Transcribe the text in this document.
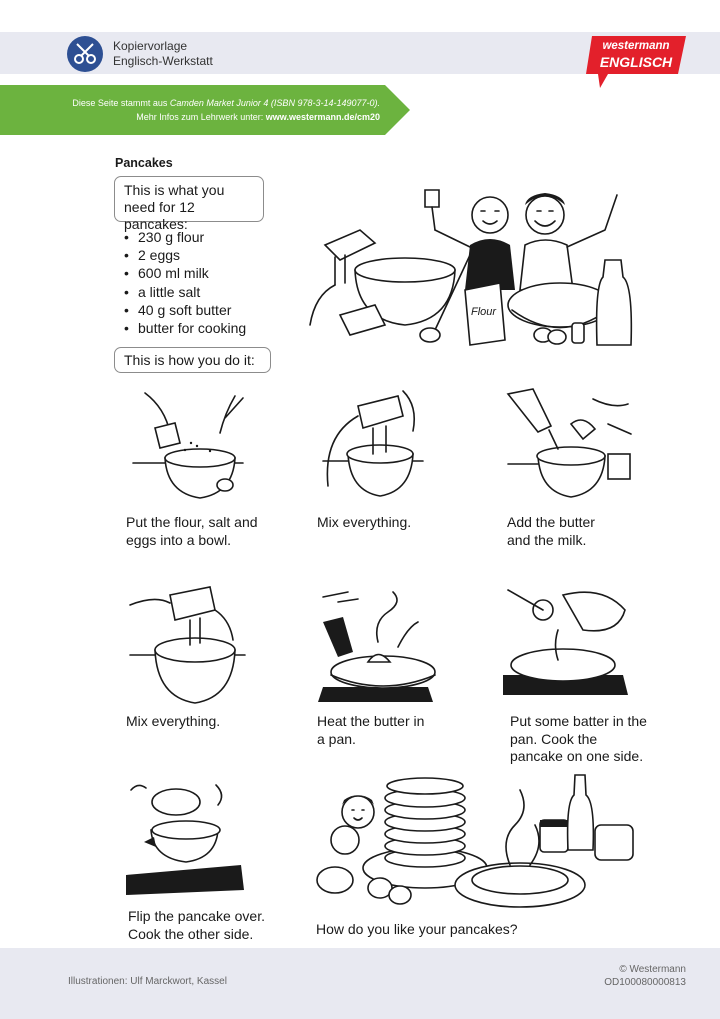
Kopiervorlage
Englisch-Werkstatt
westermann
ENGLISCH
Diese Seite stammt aus Camden Market Junior 4 (ISBN 978-3-14-149077-0).
Mehr Infos zum Lehrwerk unter: www.westermann.de/cm20
Pancakes
This is what you need for 12 pancakes:
• 230 g flour
• 2 eggs
• 600 ml milk
• a little salt
• 40 g soft butter
• butter for cooking
This is how you do it:
Flour
Put the flour, salt and eggs into a bowl.
Mix everything.	Add the butter and the milk.
Mix everything.	Heat the butter in a pan.
Put some batter in the pan. Cook the pancake on one side.
Flip the pancake over. Cook the other side.	How do you like your pancakes?
Illustrationen: Ulf Marckwort, Kassel
© Westermann
OD100080000813
